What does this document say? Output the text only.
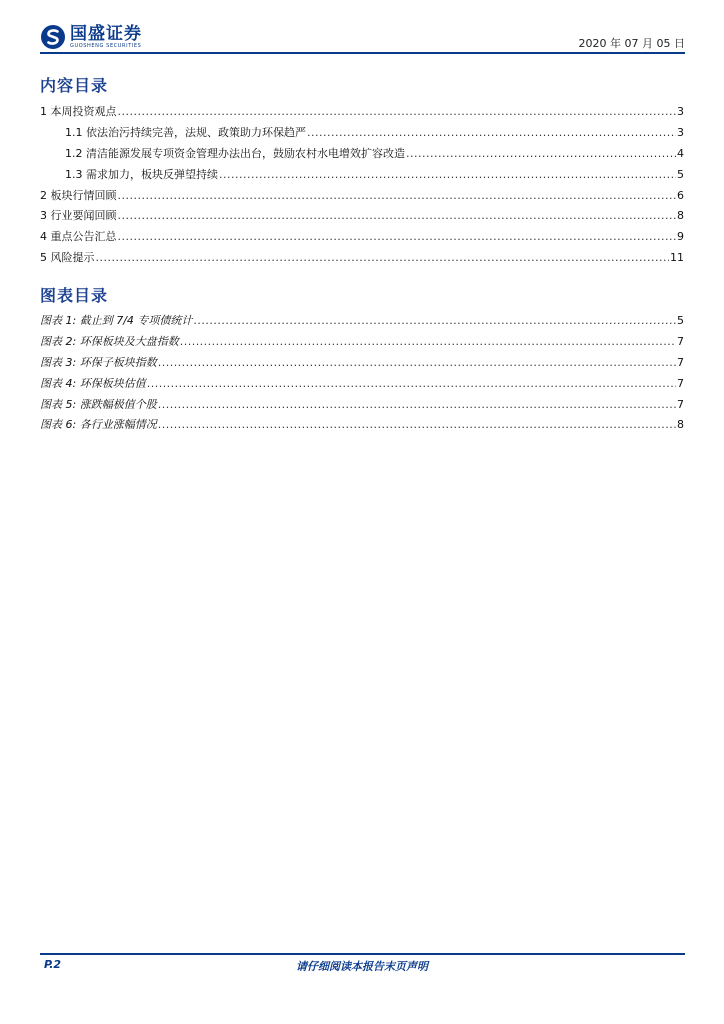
国盛证券
GUOSHENG SECURITIES	2020 年 07 月 05 日
内容目录
1 本周投资观点 .....	3
1.1 依法治污持续完善，法规、政策助力环保趋严 .....	3
1.2 清洁能源发展专项资金管理办法出台，鼓励农村水电增效扩容改造 .....	4
1.3 需求加力，板块反弹望持续 .....	5
2 板块行情回顾 .....	6
3 行业要闻回顾 .....	8
4 重点公告汇总 .....	9
5 风险提示 .....	11
图表目录
图表 1: 截止到 7/4 专项债统计 .....	5
图表 2: 环保板块及大盘指数 .....	7
图表 3: 环保子板块指数 .....	7
图表 4: 环保板块估值 .....	7
图表 5: 涨跌幅极值个股 .....	7
图表 6: 各行业涨幅情况 .....	8
P.2	请仔细阅读本报告末页声明
